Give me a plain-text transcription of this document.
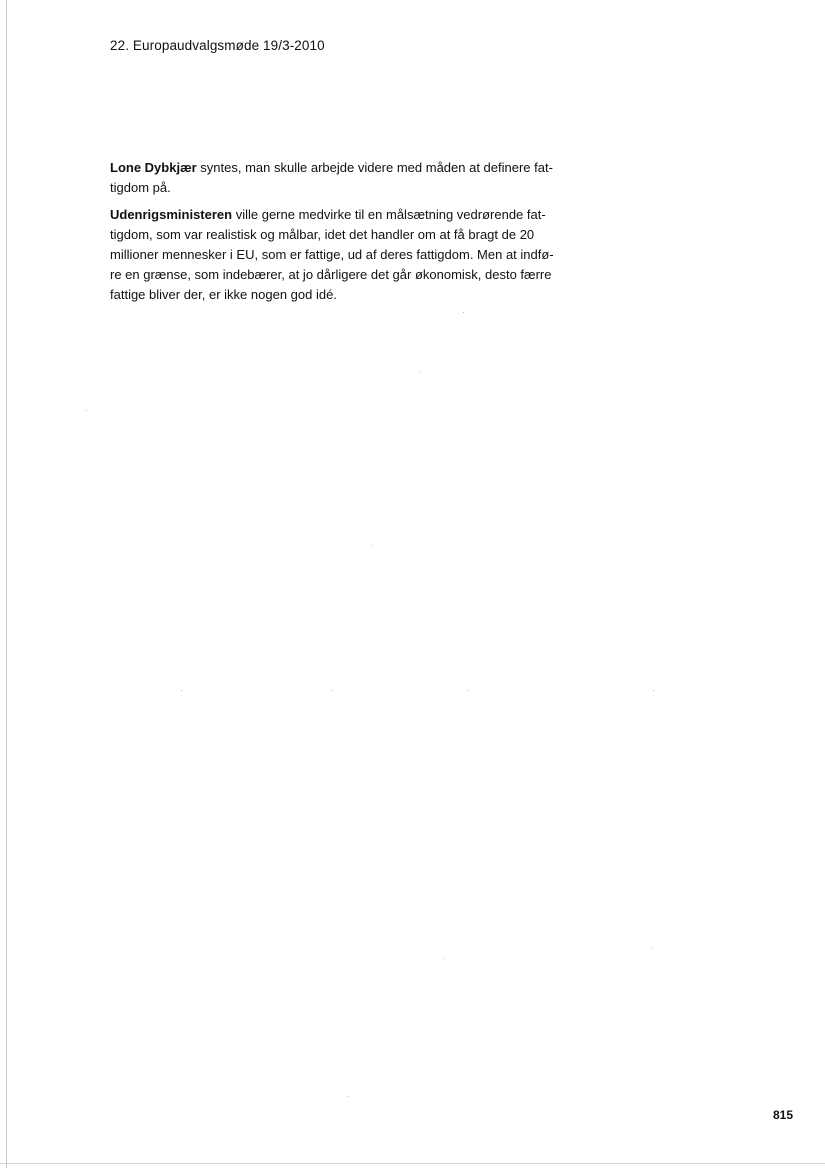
22. Europaudvalgsmøde 19/3-2010

Lone Dybkjær syntes, man skulle arbejde videre med måden at definere fat-
tigdom på.

Udenrigsministeren ville gerne medvirke til en målsætning vedrørende fat-
tigdom, som var realistisk og målbar, idet det handler om at få bragt de 20
millioner mennesker i EU, som er fattige, ud af deres fattigdom. Men at indfø-
re en grænse, som indebærer, at jo dårligere det går økonomisk, desto færre
fattige bliver der, er ikke nogen god idé.

815
